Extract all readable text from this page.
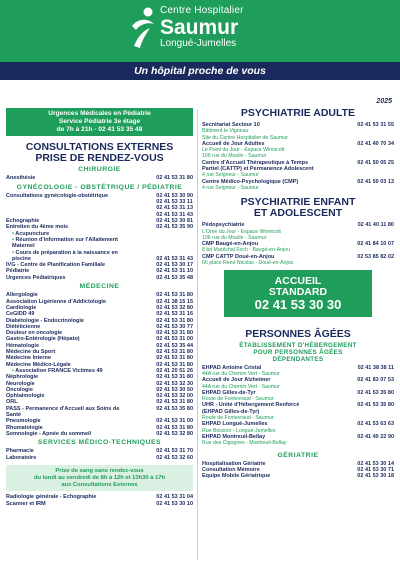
Centre Hospitalier
Saumur
Longué-Jumelles
Un hôpital proche de vous
2025
Urgences Médicales en Pédiatrie
Service Pédiatrie 3e étage
de 7h à 21h - 02 41 53 35 48
CONSULTATIONS EXTERNES
PRISE DE RENDEZ-VOUS
CHIRURGIE
Anesthésie	02 41 53 31 80
GYNÉCOLOGIE - OBSTÉTRIQUE / PÉDIATRIE
Consultations gynécologie-obstétrique	02 41 53 30 90
02 41 53 33 11
02 41 53 31 13
02 41 53 31 43
Echographie	02 41 53 30 81
Entretien du 4ème mois	02 41 53 35 90
• Acupuncture
• Réunion d'information sur l'Allaitement Maternel
• Cours de préparation à la naissance en piscine	02 41 53 31 43
IVG - Centre de Planification Familiale	02 41 53 30 17
Pédiatrie	02 41 53 31 10
Urgences Pédiatriques	02 41 53 35 48
MÉDECINE
Allergologie	02 41 53 31 80
Association Ligérienne d'Addictologie	02 41 38 15 15
Cardiologie	02 41 53 32 80
CeGIDD 49	02 41 53 31 16
Diabétologie - Endocrinologie	02 41 53 31 80
Diététicienne	02 41 53 30 77
Douleur en oncologie	02 41 53 31 80
Gastro-Entérologie (Hépato)	02 41 53 31 00
Hématologie	02 41 53 35 44
Médecine du Sport	02 41 53 31 80
Médecine Interne	02 41 53 31 80
Médecine Médico-Légale	02 41 53 31 80
• Association FRANCE Victimes 49	02 41 20 51 26
Néphrologie	02 41 53 31 80
Neurologie	02 41 53 32 30
Oncologie	02 41 53 30 50
Ophtalmologie	02 41 53 32 00
ORL	02 41 53 31 80
PASS - Permanence d'Accueil aux Soins de Santé
02 41 53 35 80
Pneumologie	02 41 53 31 00
Rhumatologie	02 41 53 31 80
Somnologie - Apnée du sommeil	02 41 53 32 80
SERVICES MÉDICO-TECHNIQUES
Pharmacie	02 41 53 31 70
Laboratoire	02 41 53 32 60
Prise de sang sans rendez-vous
du lundi au vendredi de 8h à 12h et 13h30 à 17h
aux Consultations Externes
Radiologie générale - Echographie	02 41 53 31 04
Scanner et IRM	02 41 53 30 10
PSYCHIATRIE ADULTE
Secrétariat Secteur 10
Bâtiment le Vigneau
Site du Centre Hospitalier de Saumur
02 41 53 31 55
Accueil de Jour Adultes
Le Point du Jour - Espace Winnicott
106 rue du Moulin - Saumur
02 41 40 70 34
Centre d'Accueil Thérapeutique à Temps Partiel (CATTP) et Permanence Adolescent
4 rue Seigneur - Saumur
02 41 50 05 25
Centre Médico-Psychologique (CMP)
4 rue Seigneur - Saumur
02 41 50 03 13
PSYCHIATRIE ENFANT
ET ADOLESCENT
Pédopsychiatrie
L'Orée du Jour - Espace Winnicott
106 rue du Moulin - Saumur
02 41 40 11 80
CMP Baugé-en-Anjou
8 bd Maréchal Foch - Baugé-en-Anjou
02 41 84 10 07
CMP CATTP Doué-en-Anjou
66 place René Nicolas - Doué-en-Anjou
02 53 85 82 02
ACCUEIL
STANDARD
02 41 53 30 30
PERSONNES ÂGÉES
ÉTABLISSEMENT D'HÉBERGEMENT
POUR PERSONNES ÂGÉES
DÉPENDANTES
EHPAD Antoine Cristal
44A rue du Chemin Vert - Saumur
02 41 38 38 11
Accueil de Jour Alzheimer
44A rue du Chemin Vert - Saumur
02 41 83 07 53
EHPAD Gilles-de-Tyr
Route de Fontevraud - Saumur
02 41 53 35 80
UHR - Unité d'Hébergement Renforcé (EHPAD Gilles-de-Tyr)
Route de Fontevraud - Saumur
02 41 53 35 80
EHPAD Longué-Jumelles
Rue Boisson - Longué-Jumelles
02 41 53 63 63
EHPAD Montreuil-Bellay
Rue des Cigognes - Montreuil-Bellay
02 41 40 22 90
GÉRIATRIE
Hospitalisation Gériatrie	02 41 53 30 14
Consultation Mémoire	02 41 53 30 71
Equipe Mobile Gériatrique	02 41 53 30 18
